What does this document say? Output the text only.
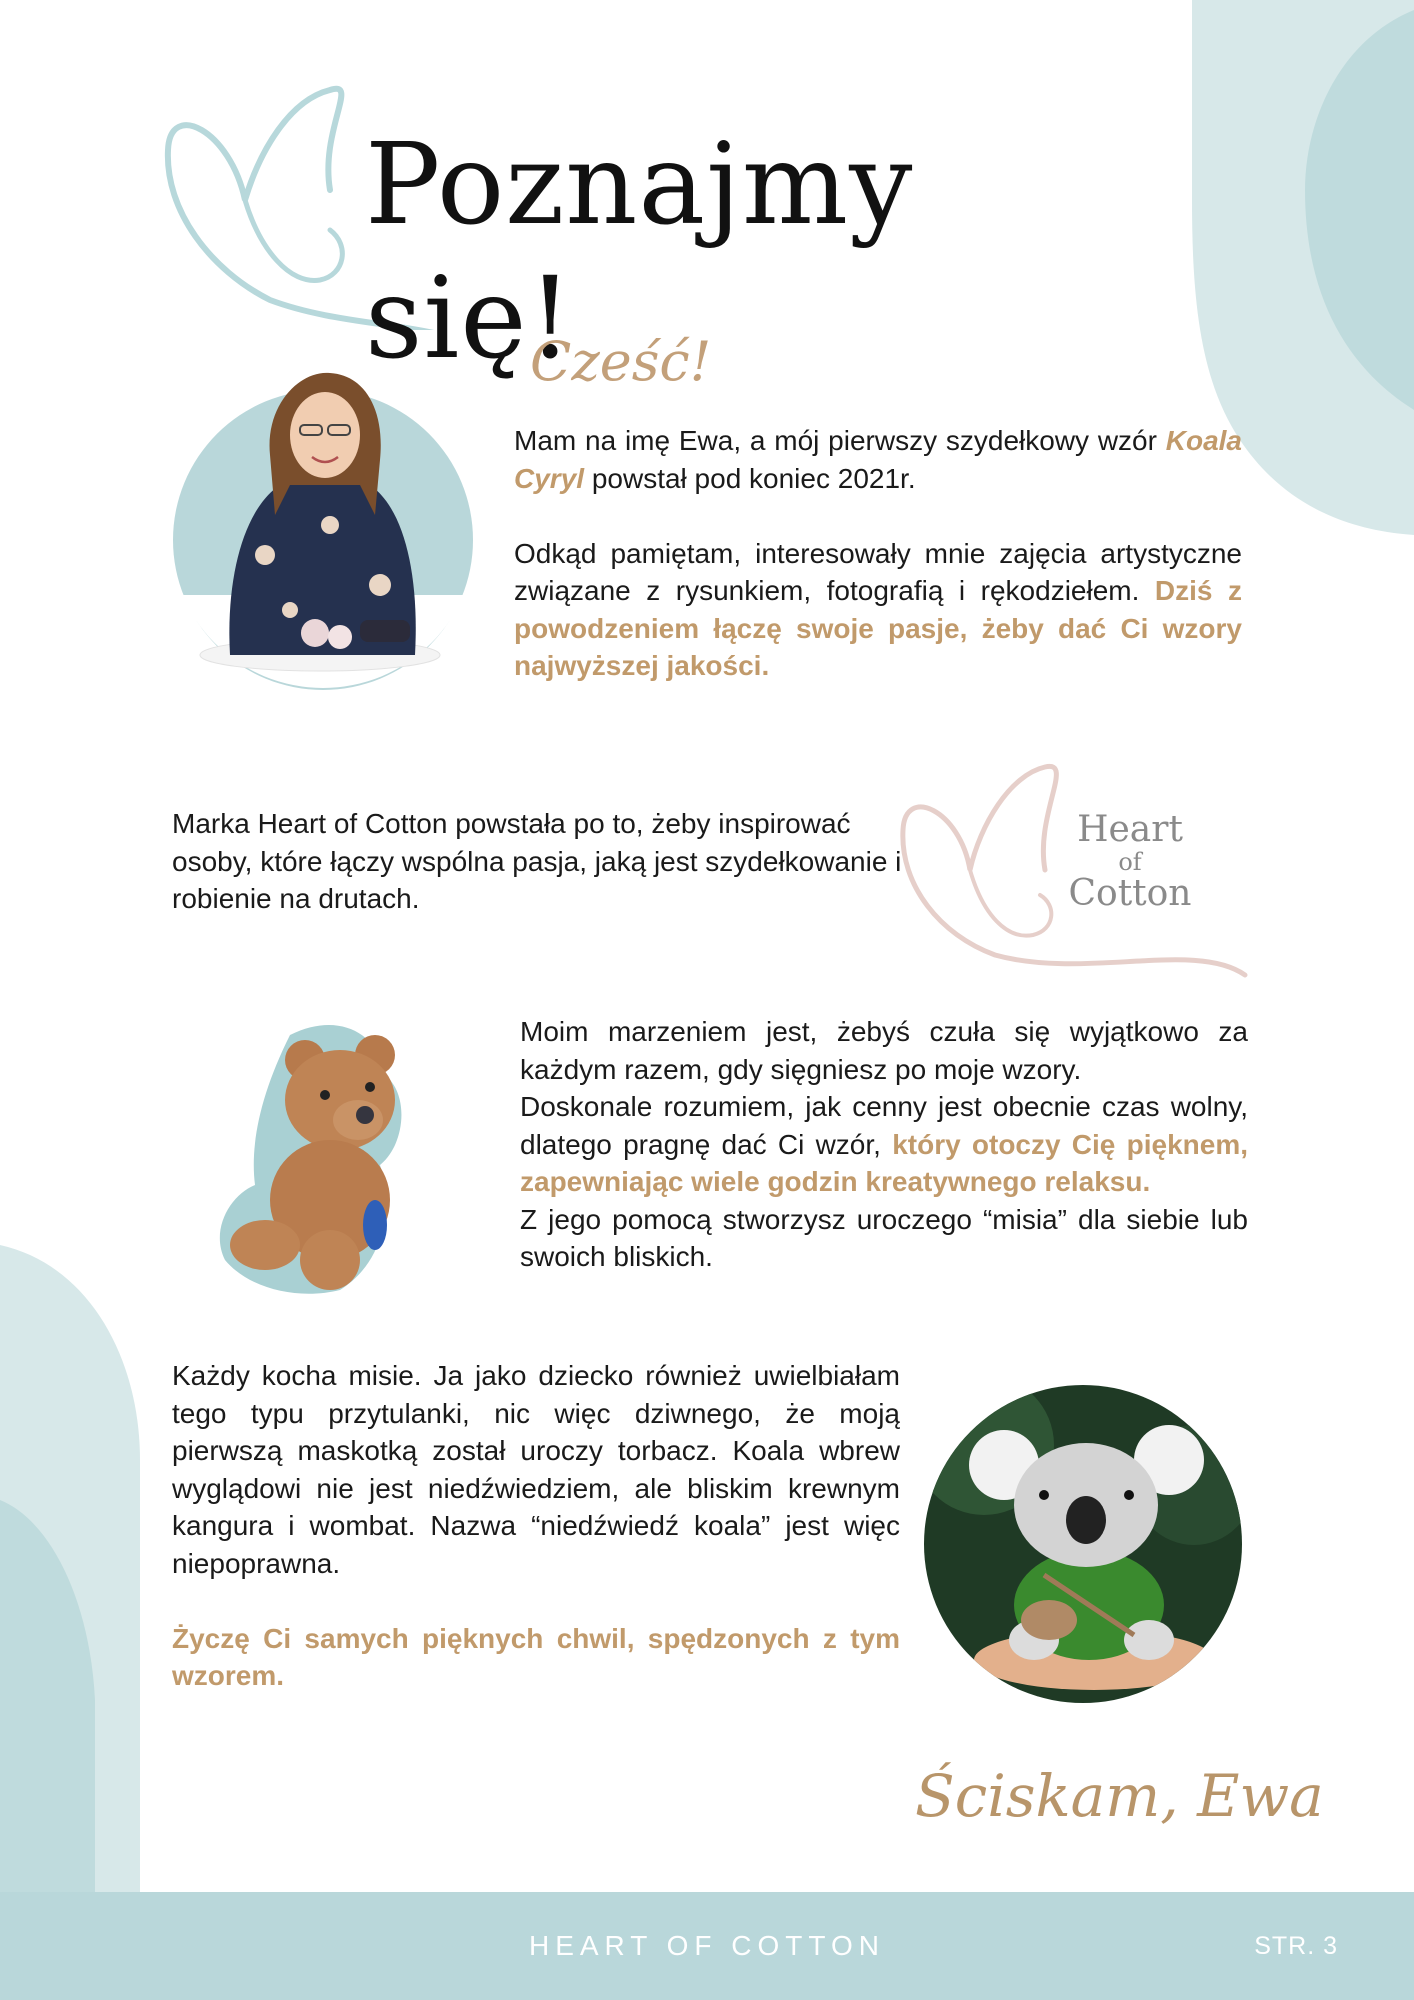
Poznajmy się!
Cześć!

Mam na imę Ewa, a mój pierwszy szydełkowy wzór Koala Cyryl powstał pod koniec 2021r.

Odkąd pamiętam, interesowały mnie zajęcia artystyczne związane z rysunkiem, fotografią i rękodziełem. Dziś z powodzeniem łączę swoje pasje, żeby dać Ci wzory najwyższej jakości.

Marka Heart of Cotton powstała po to, żeby inspirować osoby, które łączy wspólna pasja, jaką jest szydełkowanie i robienie na drutach.
Heart
of
Cotton

Moim marzeniem jest, żebyś czuła się wyjątkowo za każdym razem, gdy sięgniesz po moje wzory.

Doskonale rozumiem, jak cenny jest obecnie czas wolny, dlatego pragnę dać Ci wzór, który otoczy Cię pięknem, zapewniając wiele godzin kreatywnego relaksu.

Z jego pomocą stworzysz uroczego “misia” dla siebie lub swoich bliskich.

Każdy kocha misie. Ja jako dziecko również uwielbiałam tego typu przytulanki, nic więc dziwnego, że moją pierwszą maskotką został uroczy torbacz. Koala wbrew wyglądowi nie jest niedźwiedziem, ale bliskim krewnym kangura i wombat. Nazwa “niedźwiedź koala” jest więc niepoprawna.

Życzę Ci samych pięknych chwil, spędzonych z tym wzorem.

Ściskam, Ewa
HEART OF COTTON	STR. 3
